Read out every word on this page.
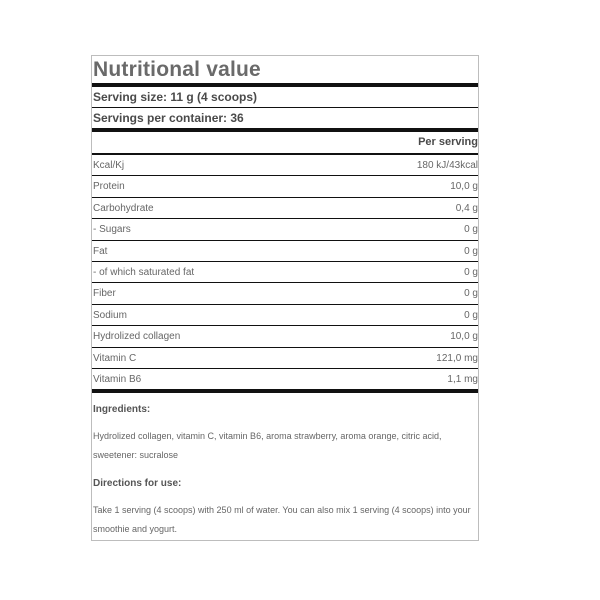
Nutritional value
Serving size: 11 g (4 scoops)
Servings per container: 36
Per serving
Kcal/Kj	180 kJ/43kcal
Protein	10,0 g
Carbohydrate	0,4 g
- Sugars	0 g
Fat	0 g
- of which saturated fat	0 g
Fiber	0 g
Sodium	0 g
Hydrolized collagen	10,0 g
Vitamin C	121,0 mg
Vitamin B6	1,1 mg
Ingredients:

Hydrolized collagen, vitamin C, vitamin B6, aroma strawberry, aroma orange, citric acid, sweetener: sucralose

Directions for use:

Take 1 serving (4 scoops) with 250 ml of water. You can also mix 1 serving (4 scoops) into your smoothie and yogurt.
